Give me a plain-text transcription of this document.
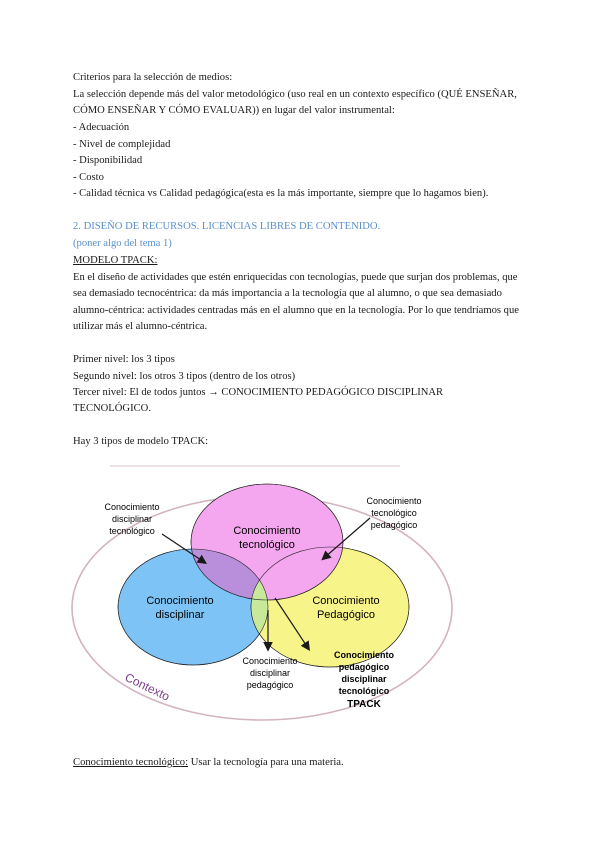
Criterios para la selección de medios:

La selección depende más del valor metodológico (uso real en un contexto específico (QUÉ ENSEÑAR,

CÓMO ENSEÑAR Y CÓMO EVALUAR)) en lugar del valor instrumental:

- Adecuación

- Nivel de complejidad

- Disponibilidad

- Costo

- Calidad técnica vs Calidad pedagógica(esta es la más importante, siempre que lo hagamos bien).

2. DISEÑO DE RECURSOS. LICENCIAS LIBRES DE CONTENIDO.

(poner algo del tema 1)

MODELO TPACK:

En el diseño de actividades que estén enriquecidas con tecnologías, puede que surjan dos problemas, que

sea demasiado tecnocéntrica: da más importancia a la tecnología que al alumno, o que sea demasiado

alumno-céntrica: actividades centradas más en el alumno que en la tecnología. Por lo que tendríamos que

utilizar más el alumno-céntrica.

Primer nivel: los 3 tipos

Segundo nivel: los otros 3 tipos (dentro de los otros)

Tercer nivel: El de todos juntos → CONOCIMIENTO PEDAGÓGICO DISCIPLINAR

TECNOLÓGICO.

Hay 3 tipos de modelo TPACK:

Conocimiento
tecnológico
Conocimiento
disciplinar
Conocimiento
Pedagógico
Conocimiento
disciplinar
tecnológico
Conocimiento
tecnológico
pedagógico
Conocimiento
disciplinar
pedagógico
Conocimiento
pedagógico
disciplinar
tecnológico
TPACK
Contexto

Conocimiento tecnológico: Usar la tecnología para una materia.
